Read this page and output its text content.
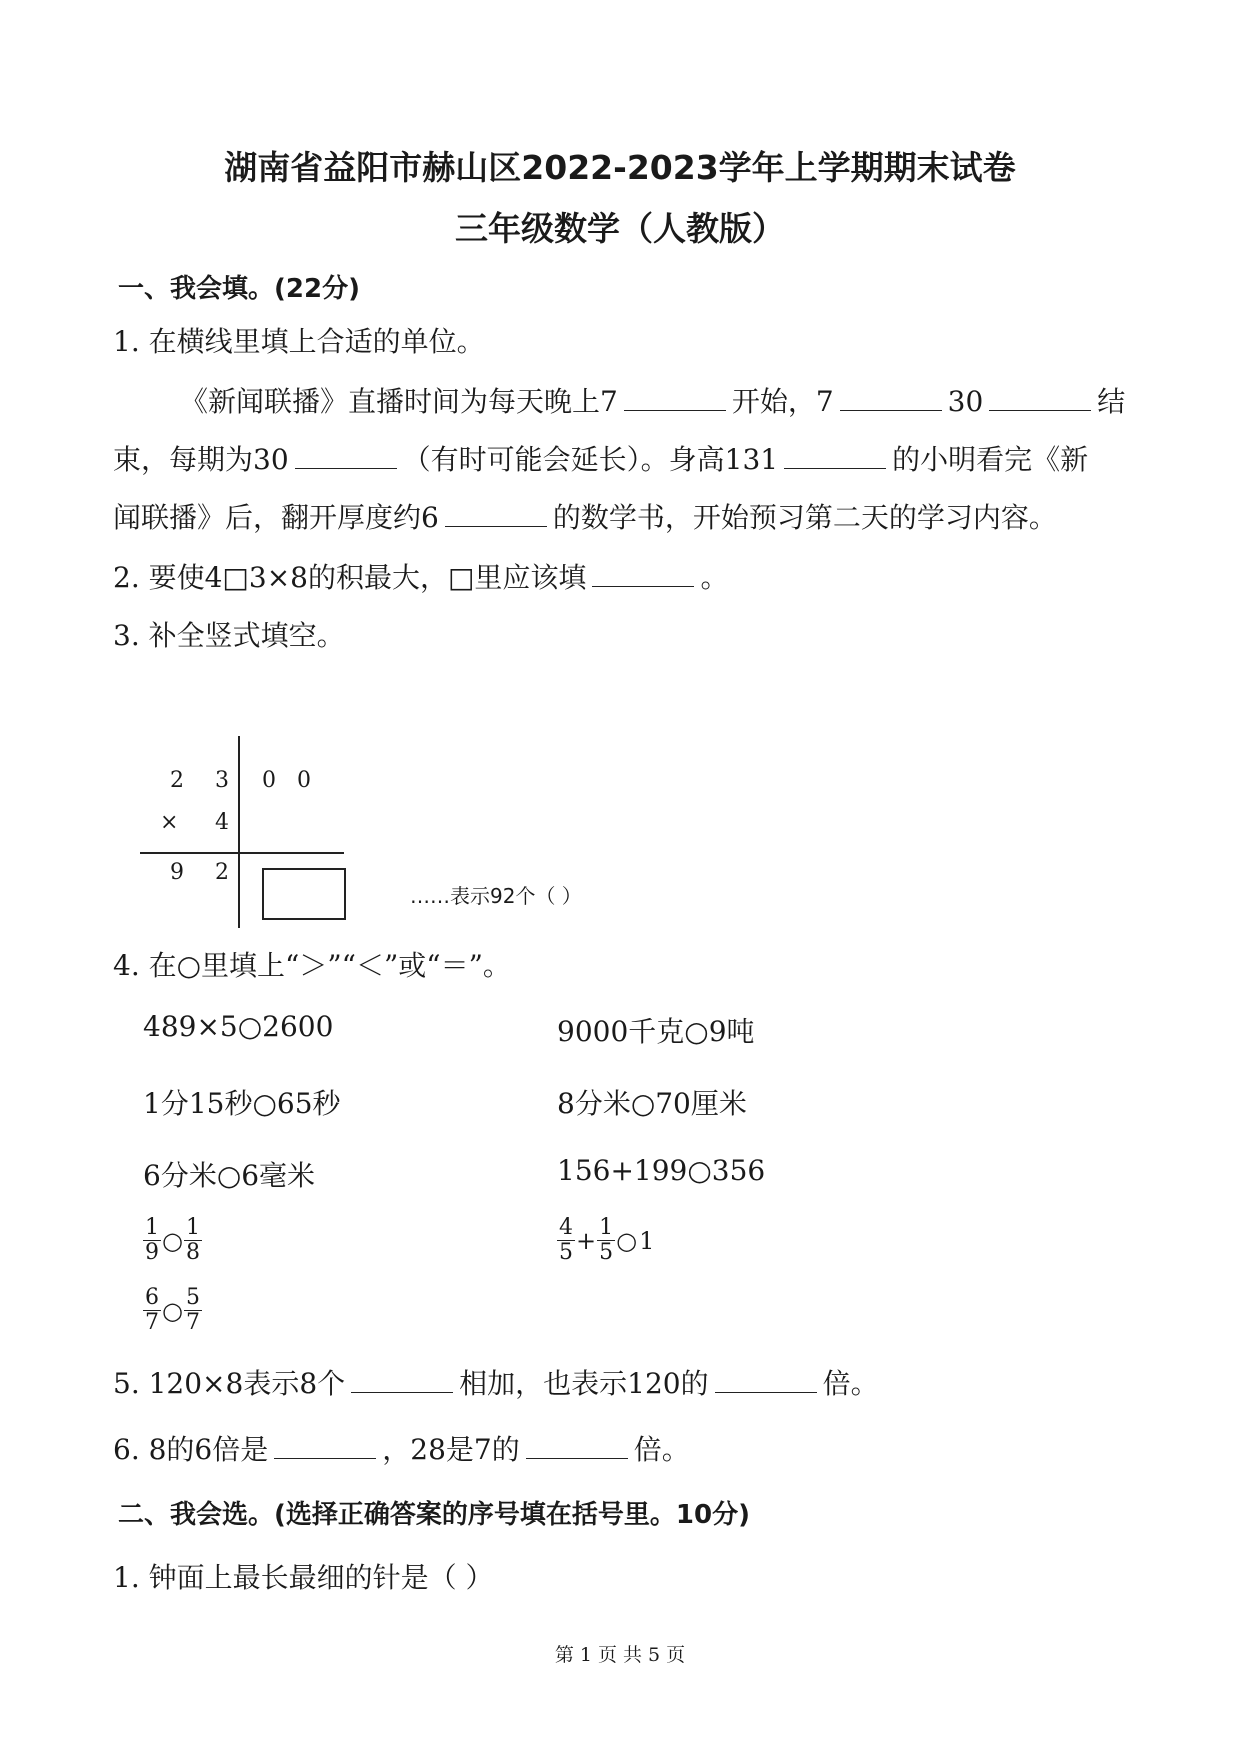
湖南省益阳市赫山区2022-2023学年上学期期末试卷
三年级数学（人教版）
一、我会填。(22分)
1. 在横线里填上合适的单位。
《新闻联播》直播时间为每天晚上7	开始，7	30	结
束，每期为30	（有时可能会延长）。身高131	的小明看完《新
闻联播》后，翻开厚度约6	的数学书，开始预习第二天的学习内容。
2. 要使4□3×8的积最大，□里应该填	。
3. 补全竖式填空。
2 3 0 0
× 4
9 2
……表示92个（ ）
4. 在○里填上“＞”“＜”或“＝”。
489×5○2600	9000千克○9吨
1分15秒○65秒	8分米○70厘米
6分米○6毫米	156+199○356
$\frac{1}{9}$ ○ $\frac{1}{8}$	$\frac{4}{5} + \frac{1}{5}$ ○ 1
$\frac{6}{7}$ ○ $\frac{5}{7}$
5. 120×8表示8个	相加，也表示120的	倍。
6. 8的6倍是	，28是7的	倍。
二、我会选。(选择正确答案的序号填在括号里。10分)
1. 钟面上最长最细的针是（ ）
第 1 页 共 5 页
